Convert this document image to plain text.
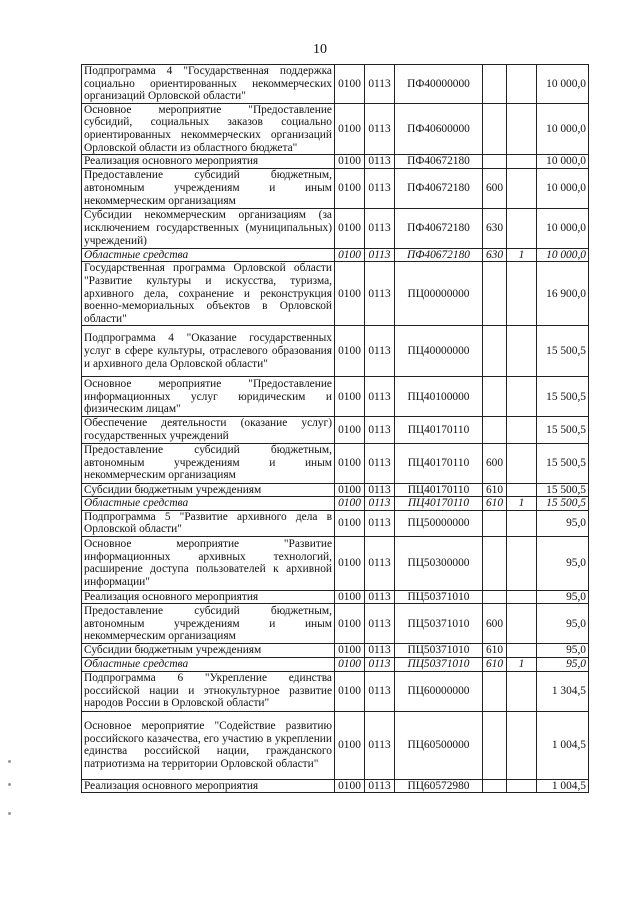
10
Подпрограмма 4 "Государственная поддержка социально ориентированных некоммерческих организаций Орловской области"	0100	0113	ПФ40000000			10 000,0
Основное мероприятие "Предоставление субсидий, социальных заказов социально ориентированных некоммерческих организаций Орловской области из областного бюджета"	0100	0113	ПФ40600000			10 000,0
Реализация основного мероприятия	0100	0113	ПФ40672180			10 000,0
Предоставление субсидий бюджетным, автономным учреждениям и иным некоммерческим организациям	0100	0113	ПФ40672180	600		10 000,0
Субсидии некоммерческим организациям (за исключением государственных (муниципальных) учреждений)	0100	0113	ПФ40672180	630		10 000,0
Областные средства	0100	0113	ПФ40672180	630	1	10 000,0
Государственная программа Орловской области "Развитие культуры и искусства, туризма, архивного дела, сохранение и реконструкция военно-мемориальных объектов в Орловской области"	0100	0113	ПЦ00000000			16 900,0
Подпрограмма 4 "Оказание государственных услуг в сфере культуры, отраслевого образования и архивного дела Орловской области"	0100	0113	ПЦ40000000			15 500,5
Основное мероприятие "Предоставление информационных услуг юридическим и физическим лицам"	0100	0113	ПЦ40100000			15 500,5
Обеспечение деятельности (оказание услуг) государственных учреждений	0100	0113	ПЦ40170110			15 500,5
Предоставление субсидий бюджетным, автономным учреждениям и иным некоммерческим организациям	0100	0113	ПЦ40170110	600		15 500,5
Субсидии бюджетным учреждениям	0100	0113	ПЦ40170110	610		15 500,5
Областные средства	0100	0113	ПЦ40170110	610	1	15 500,5
Подпрограмма 5 "Развитие архивного дела в Орловской области"	0100	0113	ПЦ50000000			95,0
Основное мероприятие "Развитие информационных архивных технологий, расширение доступа пользователей к архивной информации"	0100	0113	ПЦ50300000			95,0
Реализация основного мероприятия	0100	0113	ПЦ50371010			95,0
Предоставление субсидий бюджетным, автономным учреждениям и иным некоммерческим организациям	0100	0113	ПЦ50371010	600		95,0
Субсидии бюджетным учреждениям	0100	0113	ПЦ50371010	610		95,0
Областные средства	0100	0113	ПЦ50371010	610	1	95,0
Подпрограмма 6 "Укрепление единства российской нации и этнокультурное развитие народов России в Орловской области"	0100	0113	ПЦ60000000			1 304,5
Основное мероприятие "Содействие развитию российского казачества, его участию в укреплении единства российской нации, гражданского патриотизма на территории Орловской области"	0100	0113	ПЦ60500000			1 004,5
Реализация основного мероприятия	0100	0113	ПЦ60572980			1 004,5
